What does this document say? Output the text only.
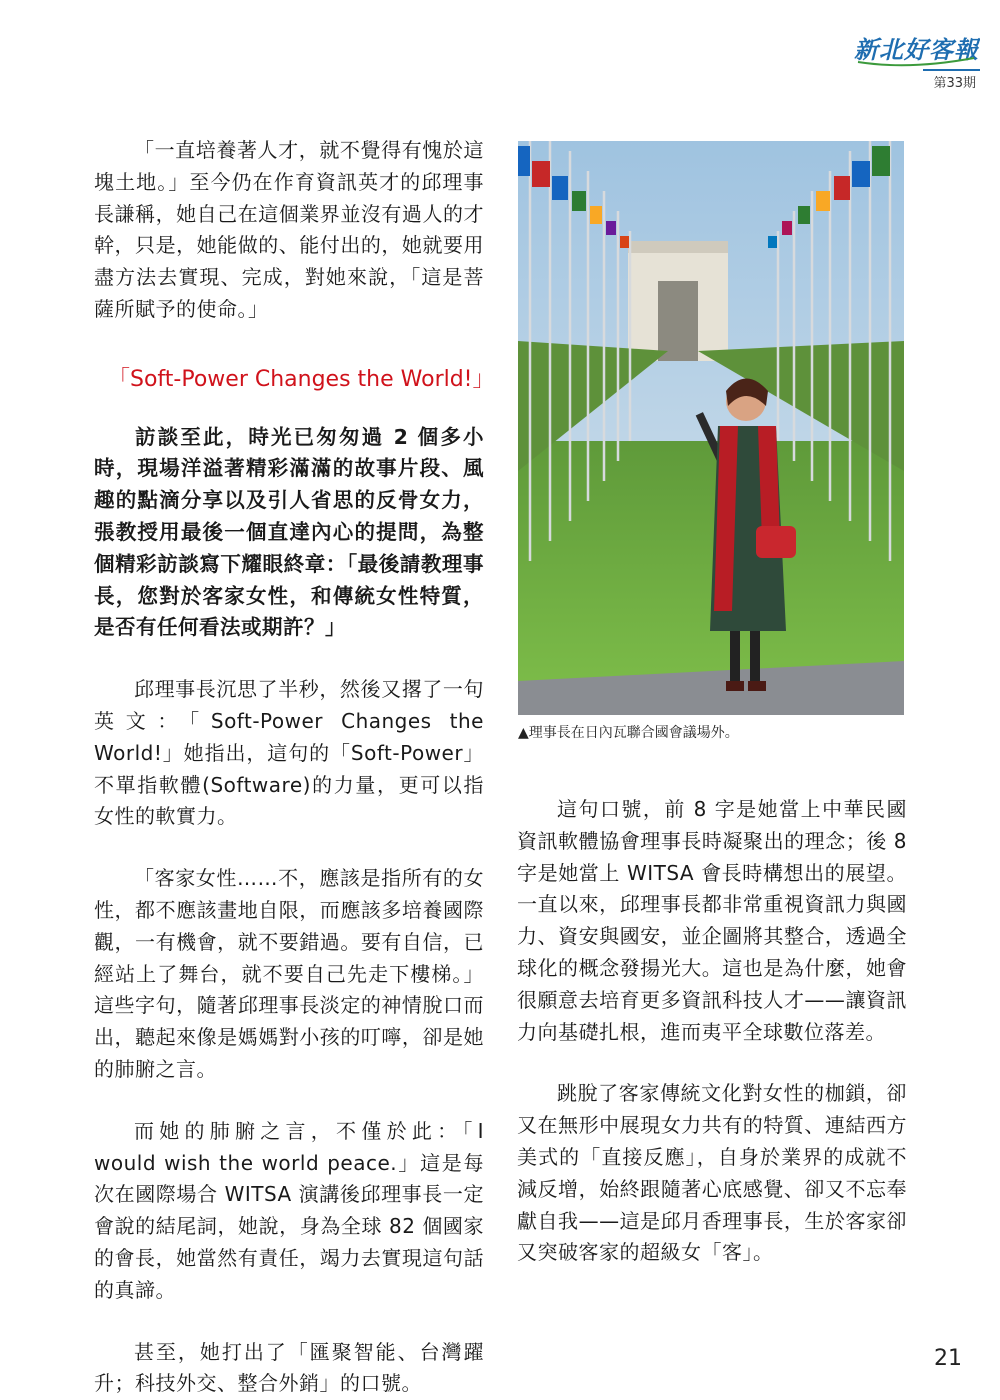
新北好客報
第33期

「一直培養著人才，就不覺得有愧於這塊土地。」至今仍在作育資訊英才的邱理事長謙稱，她自己在這個業界並沒有過人的才幹，只是，她能做的、能付出的，她就要用盡方法去實現、完成，對她來說，「這是菩薩所賦予的使命。」

「Soft-Power Changes the World!」

訪談至此，時光已匆匆過 2 個多小時，現場洋溢著精彩滿滿的故事片段、風趣的點滴分享以及引人省思的反骨女力，張教授用最後一個直達內心的提問，為整個精彩訪談寫下耀眼終章：「最後請教理事長，您對於客家女性，和傳統女性特質，是否有任何看法或期許？」

邱理事長沉思了半秒，然後又撂了一句英文：「Soft-Power Changes the World!」她指出，這句的「Soft-Power」不單指軟體(Software)的力量，更可以指女性的軟實力。

「客家女性……不，應該是指所有的女性，都不應該畫地自限，而應該多培養國際觀，一有機會，就不要錯過。要有自信，已經站上了舞台，就不要自己先走下樓梯。」這些字句，隨著邱理事長淡定的神情脫口而出，聽起來像是媽媽對小孩的叮嚀，卻是她的肺腑之言。

而她的肺腑之言，不僅於此：「I would wish the world peace.」這是每次在國際場合 WITSA 演講後邱理事長一定會說的結尾詞，她說，身為全球 82 個國家的會長，她當然有責任，竭力去實現這句話的真諦。

甚至，她打出了「匯聚智能、台灣躍升；科技外交、整合外銷」的口號。

▲理事長在日內瓦聯合國會議場外。

這句口號，前 8 字是她當上中華民國資訊軟體協會理事長時凝聚出的理念；後 8 字是她當上 WITSA 會長時構想出的展望。一直以來，邱理事長都非常重視資訊力與國力、資安與國安，並企圖將其整合，透過全球化的概念發揚光大。這也是為什麼，她會很願意去培育更多資訊科技人才——讓資訊力向基礎扎根，進而夷平全球數位落差。

跳脫了客家傳統文化對女性的枷鎖，卻又在無形中展現女力共有的特質、連結西方美式的「直接反應」，自身於業界的成就不減反增，始終跟隨著心底感覺、卻又不忘奉獻自我——這是邱月香理事長，生於客家卻又突破客家的超級女「客」。

21
